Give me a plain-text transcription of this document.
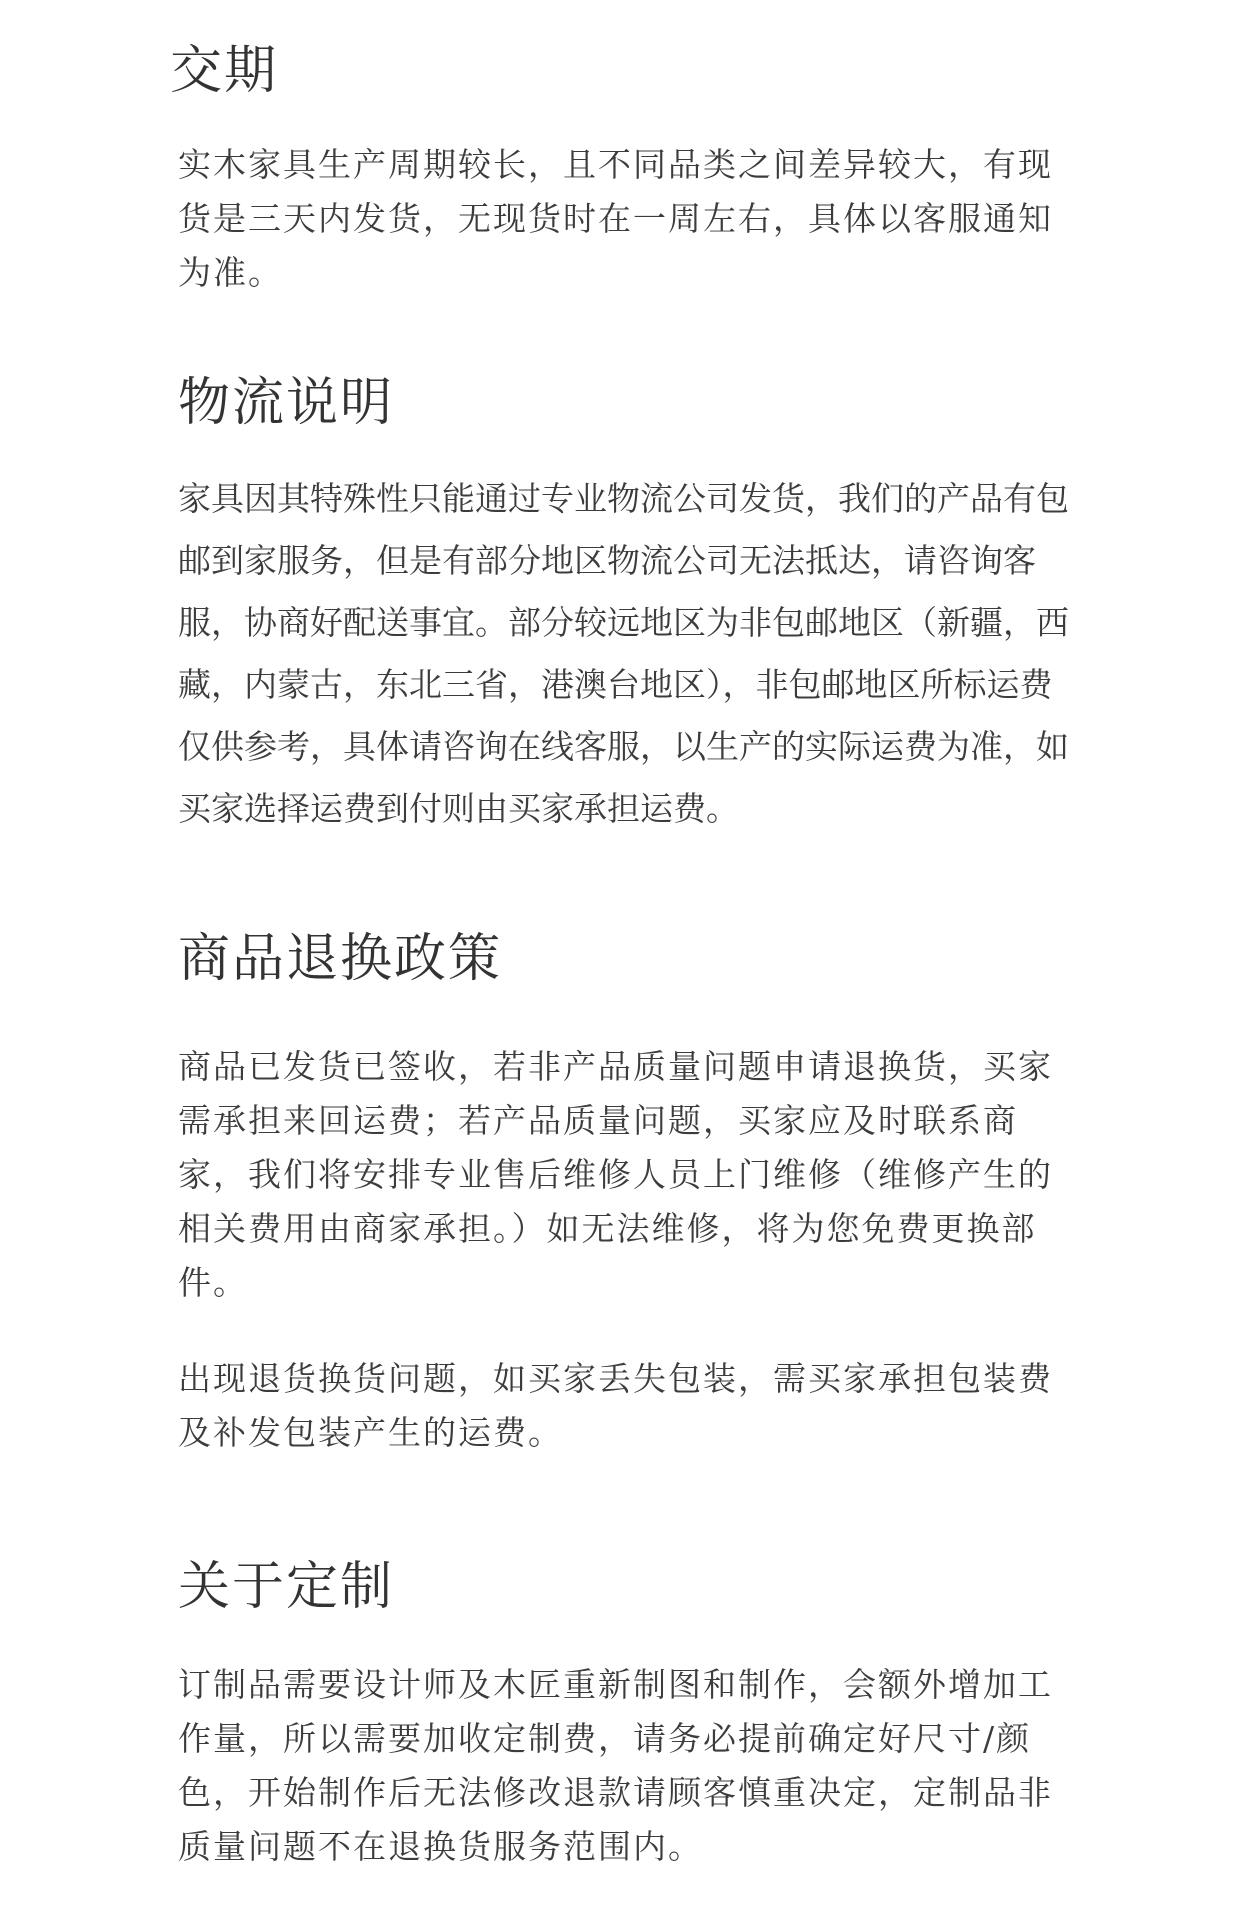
交期

实木家具生产周期较长，且不同品类之间差异较大，有现货是三天内发货，无现货时在一周左右，具体以客服通知为准。

物流说明

家具因其特殊性只能通过专业物流公司发货，我们的产品有包邮到家服务，但是有部分地区物流公司无法抵达，请咨询客服，协商好配送事宜。部分较远地区为非包邮地区（新疆，西藏，内蒙古，东北三省，港澳台地区），非包邮地区所标运费仅供参考，具体请咨询在线客服，以生产的实际运费为准，如买家选择运费到付则由买家承担运费。

商品退换政策

商品已发货已签收，若非产品质量问题申请退换货，买家需承担来回运费；若产品质量问题，买家应及时联系商家，我们将安排专业售后维修人员上门维修（维修产生的相关费用由商家承担。）如无法维修，将为您免费更换部件。

出现退货换货问题，如买家丢失包装，需买家承担包装费及补发包装产生的运费。

关于定制

订制品需要设计师及木匠重新制图和制作，会额外增加工作量，所以需要加收定制费，请务必提前确定好尺寸/颜色，开始制作后无法修改退款请顾客慎重决定，定制品非质量问题不在退换货服务范围内。
